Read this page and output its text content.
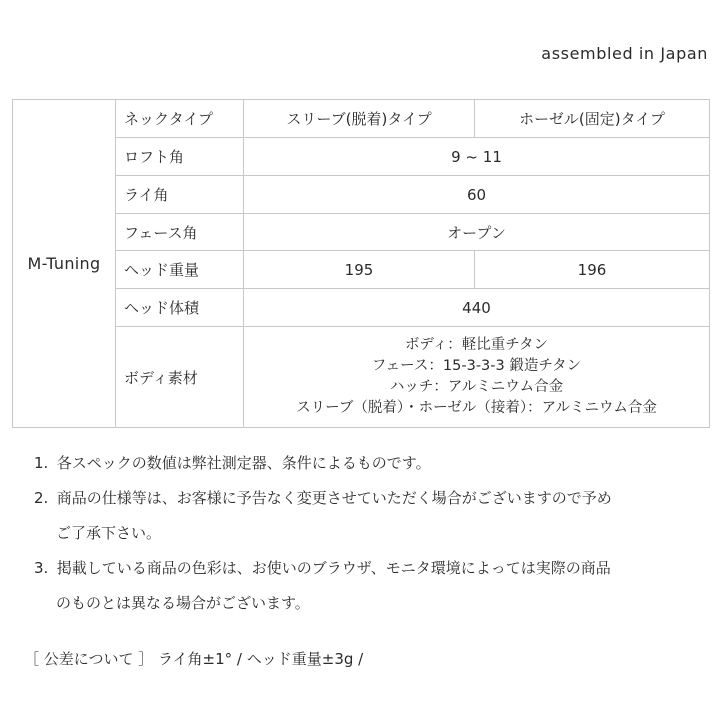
assembled in Japan
M-Tuning	ネックタイプ	スリーブ(脱着)タイプ	ホーゼル(固定)タイプ
	ロフト角	9 ~ 11	
	ライ角	60	
	フェース角	オープン	
	ヘッド重量	195	196
	ヘッド体積	440	
	ボディ素材	ボディ：軽比重チタン
フェース：15-3-3-3 鍛造チタン
ハッチ：アルミニウム合金
スリーブ（脱着）・ホーゼル（接着）：アルミニウム合金	
1. 各スペックの数値は弊社測定器、条件によるものです。
2. 商品の仕様等は、お客様に予告なく変更させていただく場合がございますので予め
ご了承下さい。
3. 掲載している商品の色彩は、お使いのブラウザ、モニタ環境によっては実際の商品
のものとは異なる場合がございます。
［ 公差について ］ ライ角±1° / ヘッド重量±3g /
